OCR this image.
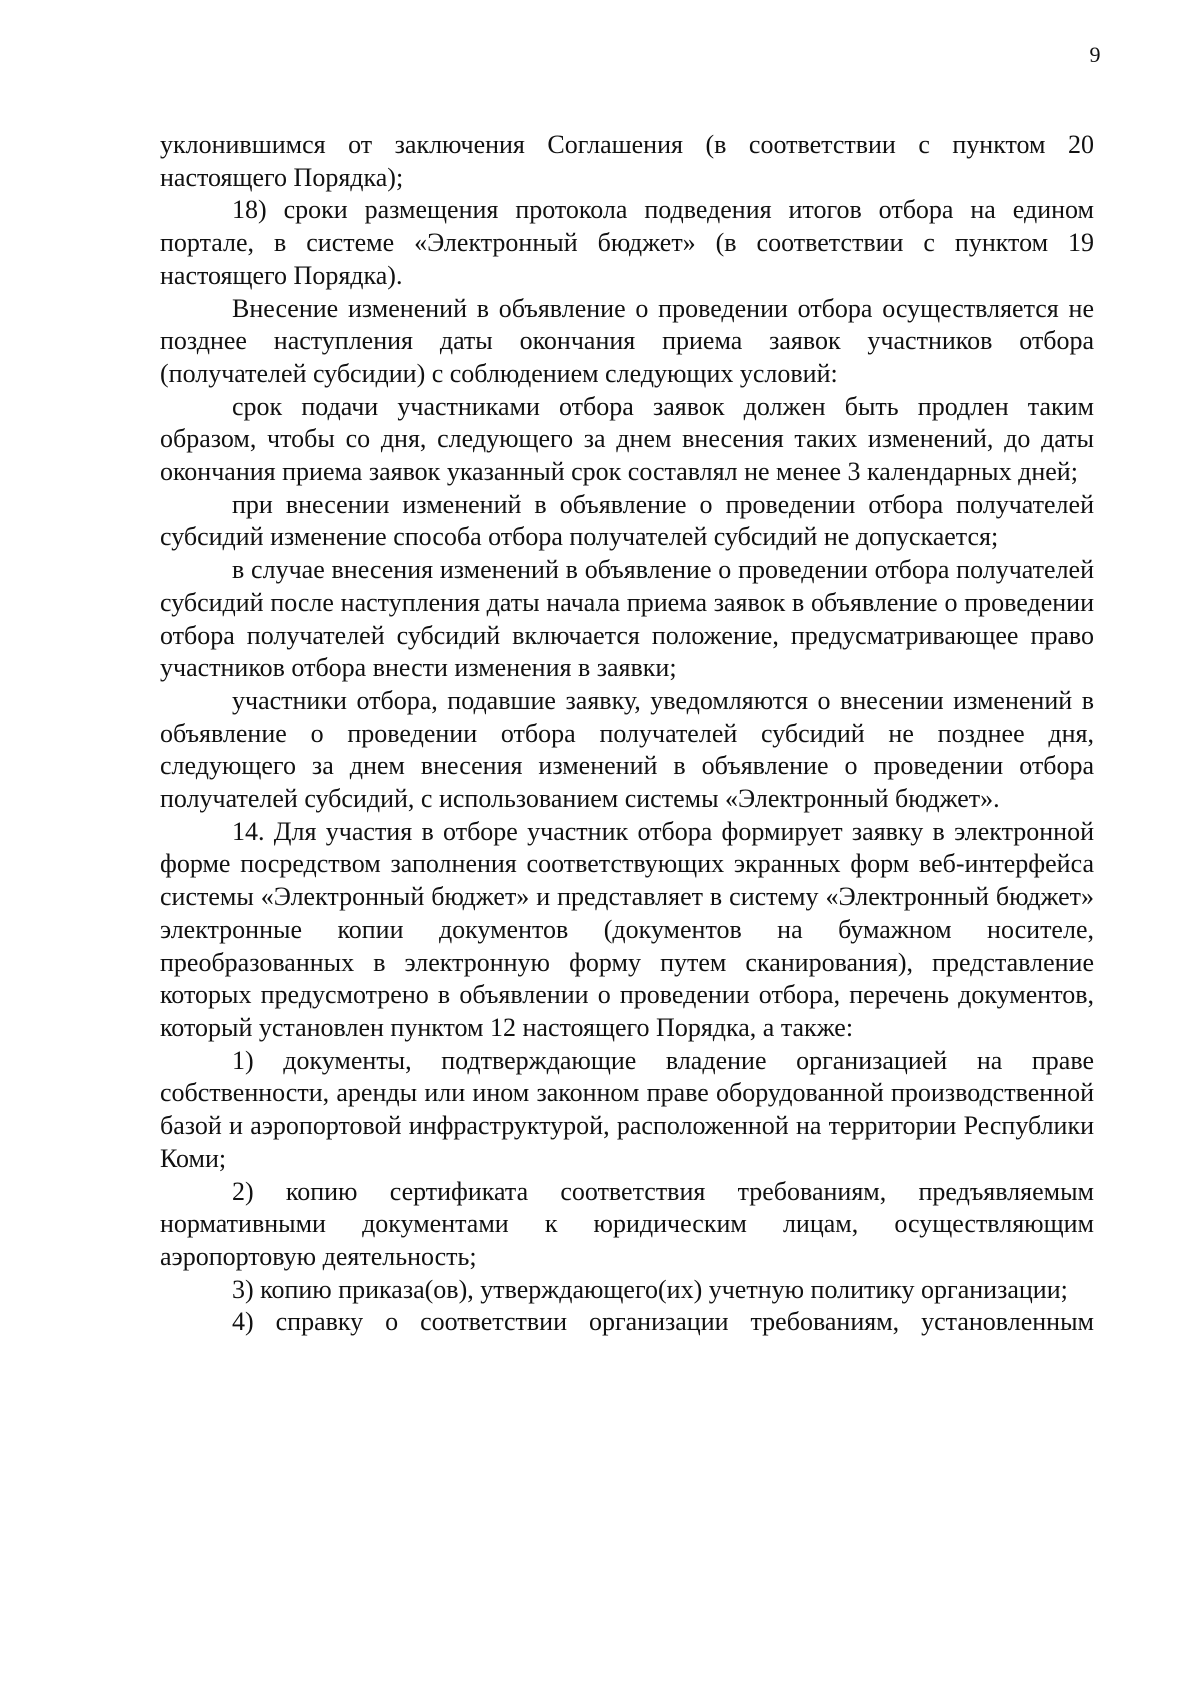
9

уклонившимся от заключения Соглашения (в соответствии с пунктом 20 настоящего Порядка);

18) сроки размещения протокола подведения итогов отбора на едином портале, в системе «Электронный бюджет» (в соответствии с пунктом 19 настоящего Порядка).

Внесение изменений в объявление о проведении отбора осуществляется не позднее наступления даты окончания приема заявок участников отбора (получателей субсидии) с соблюдением следующих условий:

срок подачи участниками отбора заявок должен быть продлен таким образом, чтобы со дня, следующего за днем внесения таких изменений, до даты окончания приема заявок указанный срок составлял не менее 3 календарных дней;

при внесении изменений в объявление о проведении отбора получателей субсидий изменение способа отбора получателей субсидий не допускается;

в случае внесения изменений в объявление о проведении отбора получателей субсидий после наступления даты начала приема заявок в объявление о проведении отбора получателей субсидий включается положение, предусматривающее право участников отбора внести изменения в заявки;

участники отбора, подавшие заявку, уведомляются о внесении изменений в объявление о проведении отбора получателей субсидий не позднее дня, следующего за днем внесения изменений в объявление о проведении отбора получателей субсидий, с использованием системы «Электронный бюджет».

14. Для участия в отборе участник отбора формирует заявку в электронной форме посредством заполнения соответствующих экранных форм веб-интерфейса системы «Электронный бюджет» и представляет в систему «Электронный бюджет» электронные копии документов (документов на бумажном носителе, преобразованных в электронную форму путем сканирования), представление которых предусмотрено в объявлении о проведении отбора, перечень документов, который установлен пунктом 12 настоящего Порядка, а также:

1) документы, подтверждающие владение организацией на праве собственности, аренды или ином законном праве оборудованной производственной базой и аэропортовой инфраструктурой, расположенной на территории Республики Коми;

2) копию сертификата соответствия требованиям, предъявляемым нормативными документами к юридическим лицам, осуществляющим аэропортовую деятельность;

3) копию приказа(ов), утверждающего(их) учетную политику организации;

4) справку о соответствии организации требованиям, установленным
